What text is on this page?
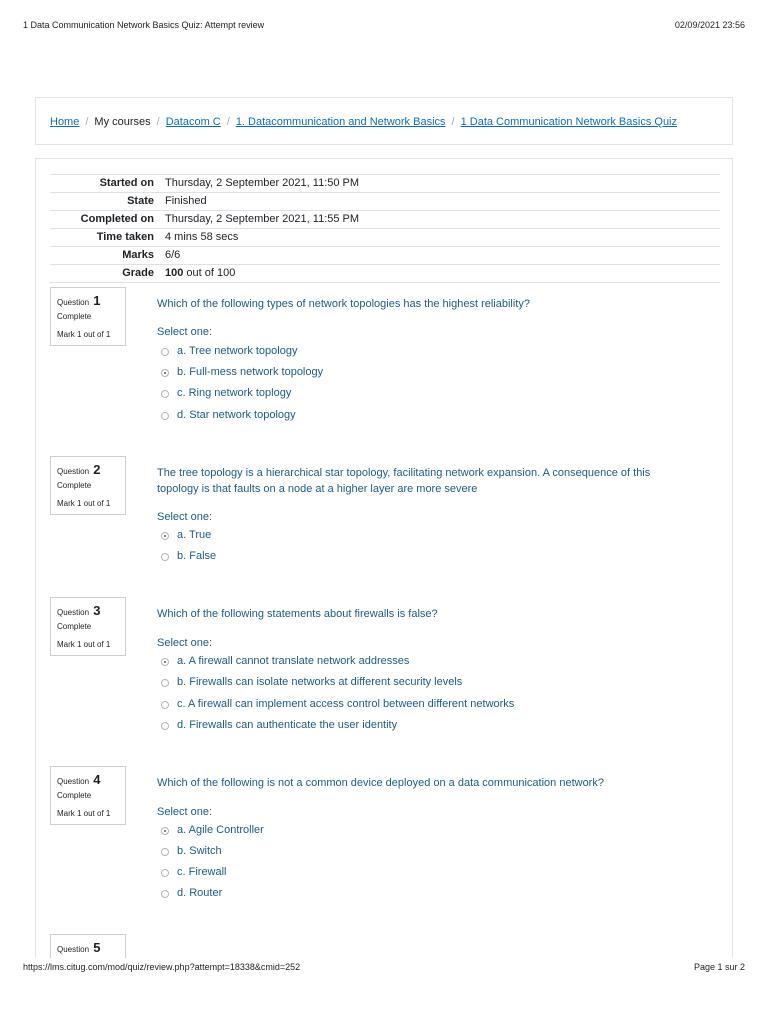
1 Data Communication Network Basics Quiz: Attempt review	02/09/2021 23:56
Home / My courses / Datacom C / 1. Datacommunication and Network Basics / 1 Data Communication Network Basics Quiz
Started on Thursday, 2 September 2021, 11:50 PM
State Finished
Completed on Thursday, 2 September 2021, 11:55 PM
Time taken 4 mins 58 secs
Marks 6/6
Grade 100 out of 100
Question 1
Complete
Mark 1 out of 1
Which of the following types of network topologies has the highest reliability?
Select one:
a. Tree network topology
b. Full-mess network topology
c. Ring network toplogy
d. Star network topology
Question 2
Complete
Mark 1 out of 1
The tree topology is a hierarchical star topology, facilitating network expansion. A consequence of this topology is that faults on a node at a higher layer are more severe
Select one:
a. True
b. False
Question 3
Complete
Mark 1 out of 1
Which of the following statements about firewalls is false?
Select one:
a. A firewall cannot translate network addresses
b. Firewalls can isolate networks at different security levels
c. A firewall can implement access control between different networks
d. Firewalls can authenticate the user identity
Question 4
Complete
Mark 1 out of 1
Which of the following is not a common device deployed on a data communication network?
Select one:
a. Agile Controller
b. Switch
c. Firewall
d. Router
Question 5
https://lms.citug.com/mod/quiz/review.php?attempt=18338&cmid=252	Page 1 sur 2
